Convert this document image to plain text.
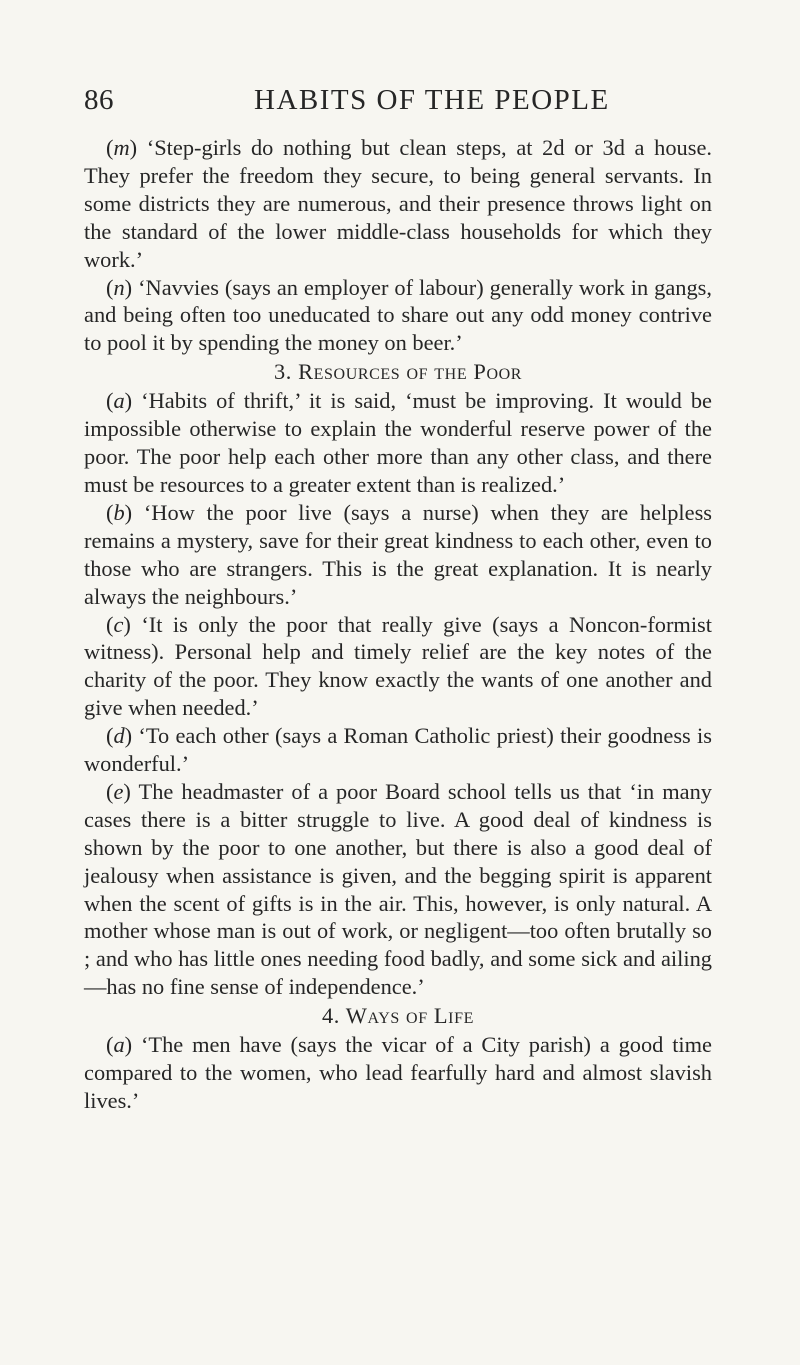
86	HABITS OF THE PEOPLE

(m) ‘Step-girls do nothing but clean steps, at 2d or 3d a house. They prefer the freedom they secure, to being general servants. In some districts they are numerous, and their presence throws light on the standard of the lower middle-class households for which they work.’

(n) ‘Navvies (says an employer of labour) generally work in gangs, and being often too uneducated to share out any odd money contrive to pool it by spending the money on beer.’

3. Resources of the Poor

(a) ‘Habits of thrift,’ it is said, ‘must be improving. It would be impossible otherwise to explain the wonderful reserve power of the poor. The poor help each other more than any other class, and there must be resources to a greater extent than is realized.’

(b) ‘How the poor live (says a nurse) when they are helpless remains a mystery, save for their great kindness to each other, even to those who are strangers. This is the great explanation. It is nearly always the neighbours.’

(c) ‘It is only the poor that really give (says a Noncon-formist witness). Personal help and timely relief are the key notes of the charity of the poor. They know exactly the wants of one another and give when needed.’

(d) ‘To each other (says a Roman Catholic priest) their goodness is wonderful.’

(e) The headmaster of a poor Board school tells us that ‘in many cases there is a bitter struggle to live. A good deal of kindness is shown by the poor to one another, but there is also a good deal of jealousy when assistance is given, and the begging spirit is apparent when the scent of gifts is in the air. This, however, is only natural. A mother whose man is out of work, or negligent—too often brutally so ; and who has little ones needing food badly, and some sick and ailing—has no fine sense of independence.’

4. Ways of Life

(a) ‘The men have (says the vicar of a City parish) a good time compared to the women, who lead fearfully hard and almost slavish lives.’
